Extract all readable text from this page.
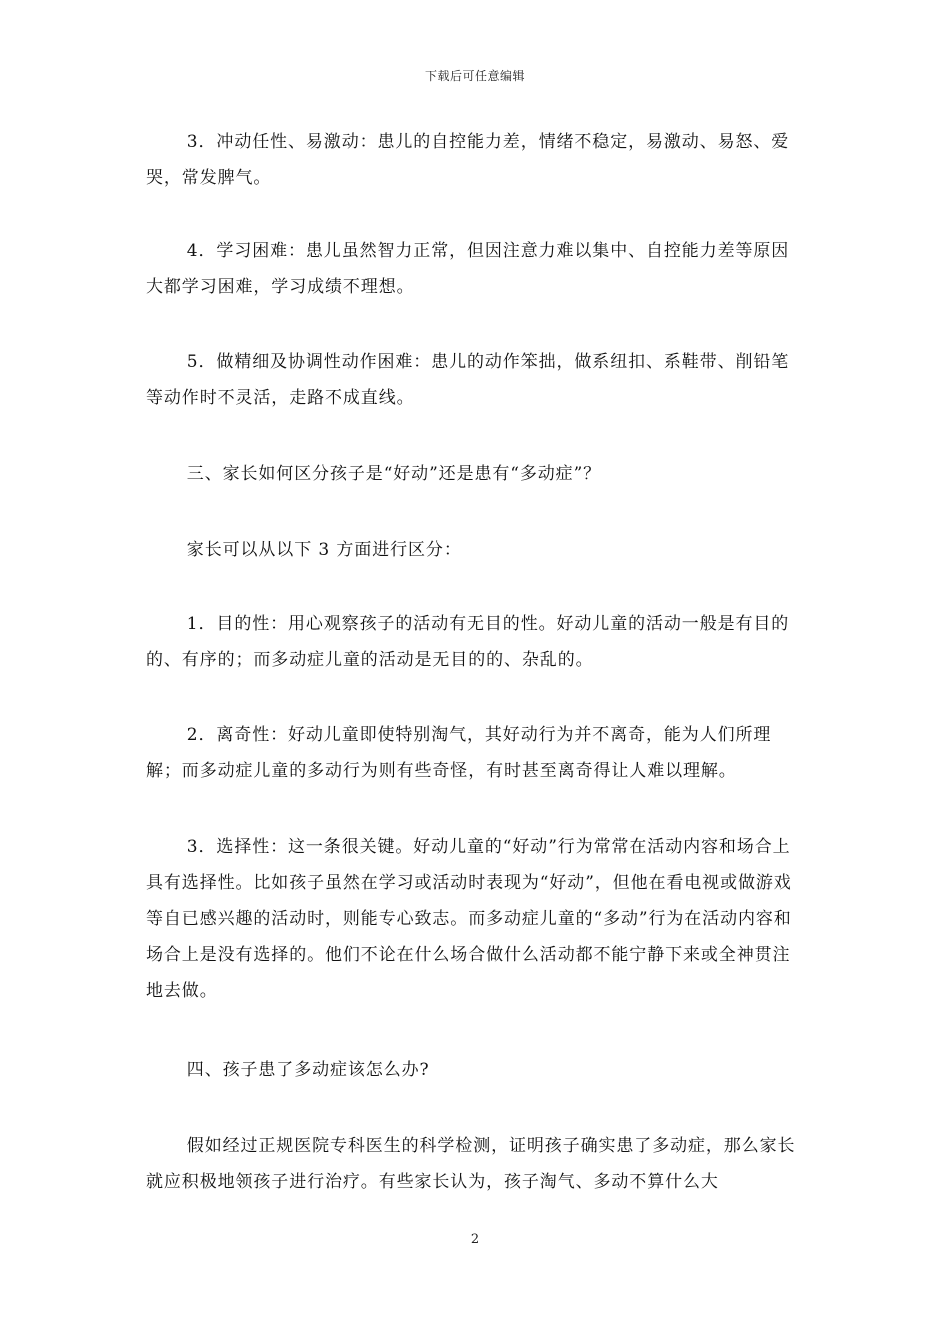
下载后可任意编辑

3．冲动任性、易激动：患儿的自控能力差，情绪不稳定，易激动、易怒、爱哭，常发脾气。

4．学习困难：患儿虽然智力正常，但因注意力难以集中、自控能力差等原因大都学习困难，学习成绩不理想。

5．做精细及协调性动作困难：患儿的动作笨拙，做系纽扣、系鞋带、削铅笔等动作时不灵活，走路不成直线。

三、家长如何区分孩子是“好动”还是患有“多动症”？

家长可以从以下 3 方面进行区分：

1．目的性：用心观察孩子的活动有无目的性。好动儿童的活动一般是有目的的、有序的；而多动症儿童的活动是无目的的、杂乱的。

2．离奇性：好动儿童即使特别淘气，其好动行为并不离奇，能为人们所理解；而多动症儿童的多动行为则有些奇怪，有时甚至离奇得让人难以理解。

3．选择性：这一条很关键。好动儿童的“好动”行为常常在活动内容和场合上具有选择性。比如孩子虽然在学习或活动时表现为“好动”，但他在看电视或做游戏等自已感兴趣的活动时，则能专心致志。而多动症儿童的“多动”行为在活动内容和场合上是没有选择的。他们不论在什么场合做什么活动都不能宁静下来或全神贯注地去做。

四、孩子患了多动症该怎么办?

假如经过正规医院专科医生的科学检测，证明孩子确实患了多动症，那么家长就应积极地领孩子进行治疗。有些家长认为，孩子淘气、多动不算什么大

2
